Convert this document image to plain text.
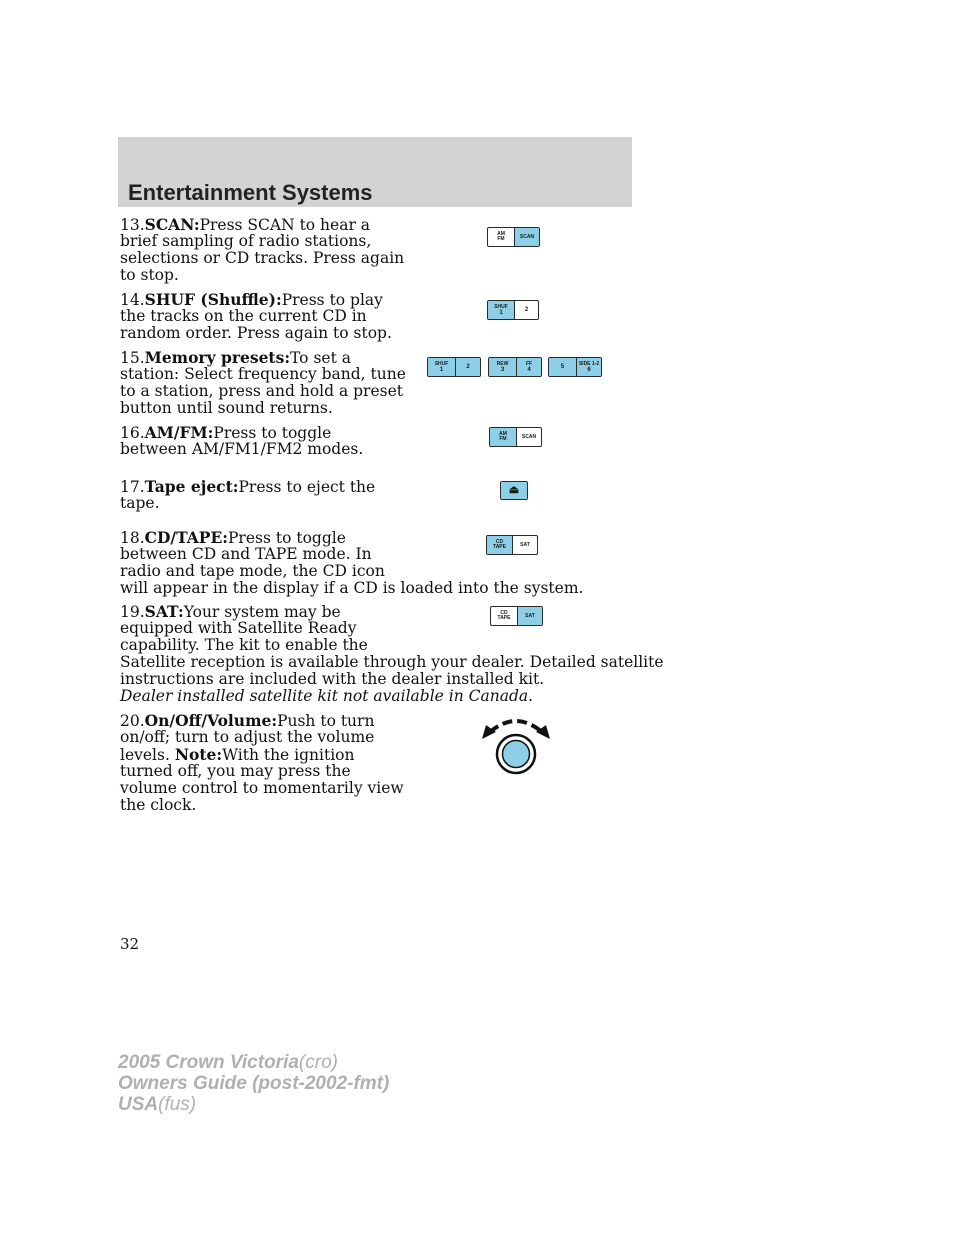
Entertainment Systems
13.SCAN:Press SCAN to hear a
brief sampling of radio stations,
selections or CD tracks. Press again
to stop.
14.SHUF (Shuffle):Press to play
the tracks on the current CD in
random order. Press again to stop.
15.Memory presets:To set a
station: Select frequency band, tune
to a station, press and hold a preset
button until sound returns.
16.AM/FM:Press to toggle
between AM/FM1/FM2 modes.
17.Tape eject:Press to eject the
tape.
18.CD/TAPE:Press to toggle
between CD and TAPE mode. In
radio and tape mode, the CD icon
will appear in the display if a CD is loaded into the system.
19.SAT:Your system may be
equipped with Satellite Ready
capability. The kit to enable the
Satellite reception is available through your dealer. Detailed satellite
instructions are included with the dealer installed kit.
Dealer installed satellite kit not available in Canada.
20.On/Off/Volume:Push to turn
on/off; turn to adjust the volume
levels. Note:With the ignition
turned off, you may press the
volume control to momentarily view
the clock.
AM
FM	SCAN
SHUF
1	2
SHUF
1	2
REW
3
FF
4	5
SIDE 1-2
6
AM
FM	SCAN
⏏
CD
TAPE	SAT
CD
TAPE	SAT
32
2005 Crown Victoria(cro)
Owners Guide (post-2002-fmt)
USA(fus)
